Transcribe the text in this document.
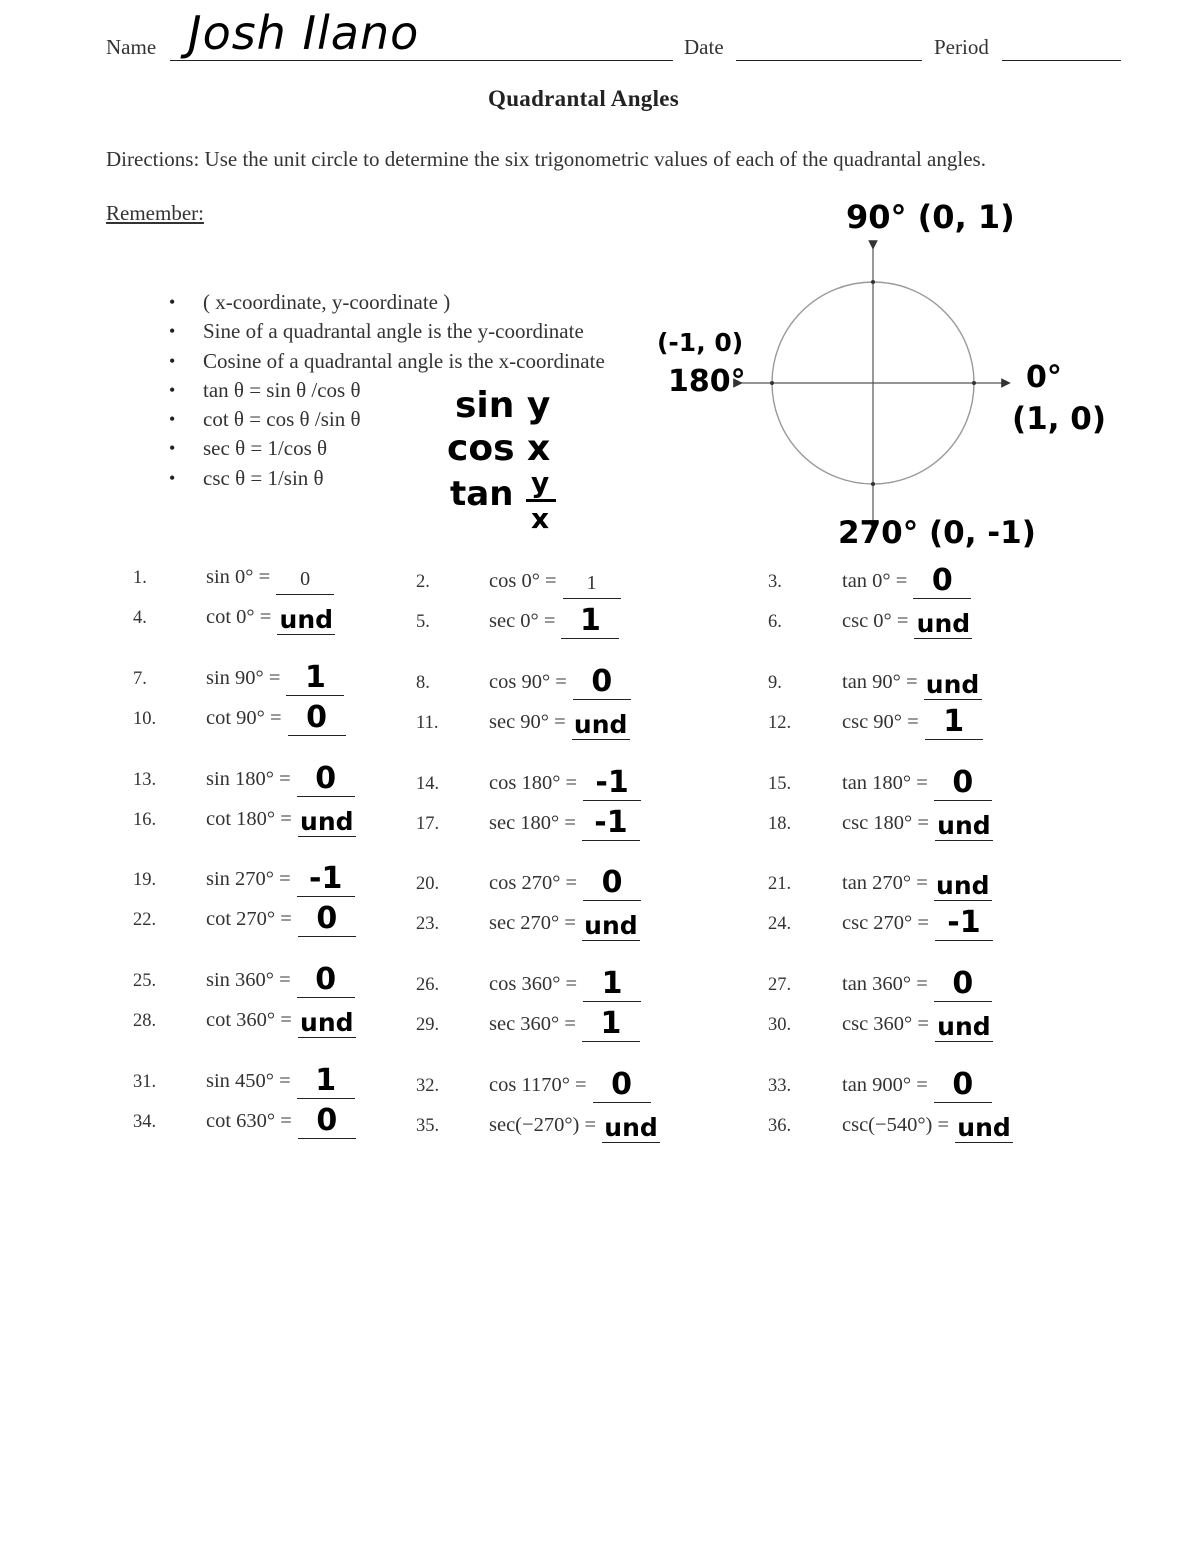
Name Josh Ilano	Date	Period
Quadrantal Angles
Directions: Use the unit circle to determine the six trigonometric values of each of the quadrantal angles.
Remember:
• ( x-coordinate, y-coordinate )
• Sine of a quadrantal angle is the y-coordinate
• Cosine of a quadrantal angle is the x-coordinate
• tan θ = sin θ /cos θ
• cot θ = cos θ /sin θ
• sec θ = 1/cos θ
• csc θ = 1/sin θ
sin y
cos x
tan y
x
90° (0, 1)
(-1, 0)
180°	0°
(1, 0)
270° (0, -1)
1.	sin 0° =	0	2.	cos 0° =	1	3.	tan 0° = 0
4.	cot 0° = und	5.	sec 0° = 1	6.	csc 0° = und
7.	sin 90° = 1	8.	cos 90° = 0	9.	tan 90° = und
10. cot 90° = 0	11. sec 90° = und	12. csc 90° = 1
13. sin 180° = 0	14. cos 180° = -1	15. tan 180° = 0
16. cot 180° = und	17. sec 180° = -1	18. csc 180° = und
19. sin 270° = -1	20. cos 270° = 0	21. tan 270° = und
22. cot 270° = 0	23. sec 270° = und	24. csc 270° = -1
25. sin 360° = 0	26. cos 360° = 1	27. tan 360° = 0
28. cot 360° = und	29. sec 360° = 1	30. csc 360° = und
31. sin 450° = 1	32. cos 1170° = 0	33. tan 900° = 0
34. cot 630° = 0	35. sec(−270°) = und	36. csc(−540°) = und
